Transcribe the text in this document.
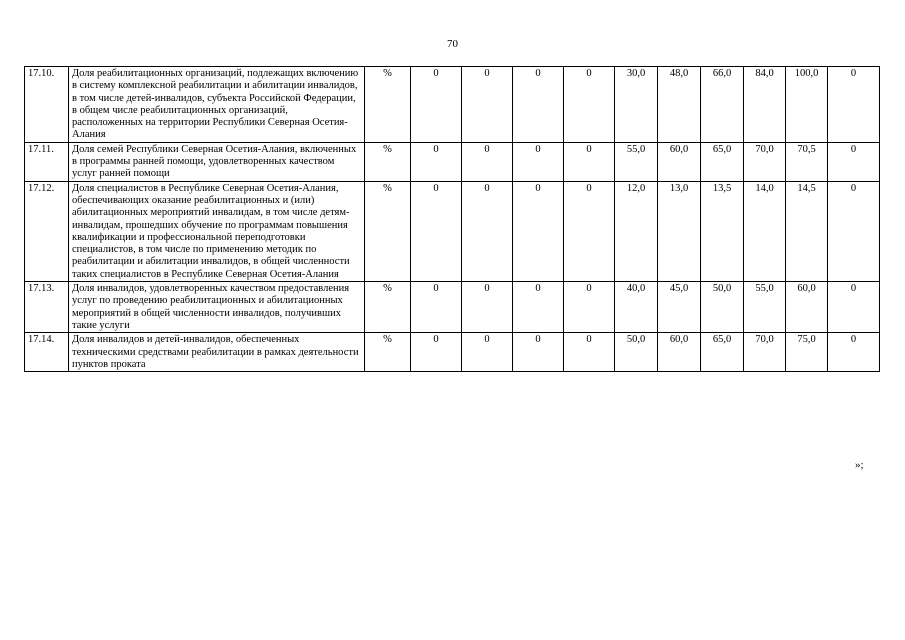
70
17.10.	Доля реабилитационных организаций, подлежащих включению в систему комплексной реабилитации и абилитации инвалидов, в том числе детей-инвалидов, субъекта Российской Федерации, в общем числе реабилитационных организаций, расположенных на территории Республики Северная Осетия-Алания	%	0	0	0	0	30,0	48,0	66,0	84,0	100,0	0
17.11.	Доля семей Республики Северная Осетия-Алания, включенных в программы ранней помощи, удовлетворенных качеством услуг ранней помощи	%	0	0	0	0	55,0	60,0	65,0	70,0	70,5	0
17.12.	Доля специалистов в Республике Северная Осетия-Алания, обеспечивающих оказание реабилитационных и (или) абилитационных мероприятий инвалидам, в том числе детям-инвалидам, прошедших обучение по программам повышения квалификации и профессиональной переподготовки специалистов, в том числе по применению методик по реабилитации и абилитации инвалидов, в общей численности таких специалистов в Республике Северная Осетия-Алания	%	0	0	0	0	12,0	13,0	13,5	14,0	14,5	0
17.13.	Доля инвалидов, удовлетворенных качеством предоставления услуг по проведению реабилитационных и абилитационных мероприятий в общей численности инвалидов, получивших такие услуги	%	0	0	0	0	40,0	45,0	50,0	55,0	60,0	0
17.14.	Доля инвалидов и детей-инвалидов, обеспеченных техническими средствами реабилитации в рамках деятельности пунктов проката	%	0	0	0	0	50,0	60,0	65,0	70,0	75,0	0
»;
